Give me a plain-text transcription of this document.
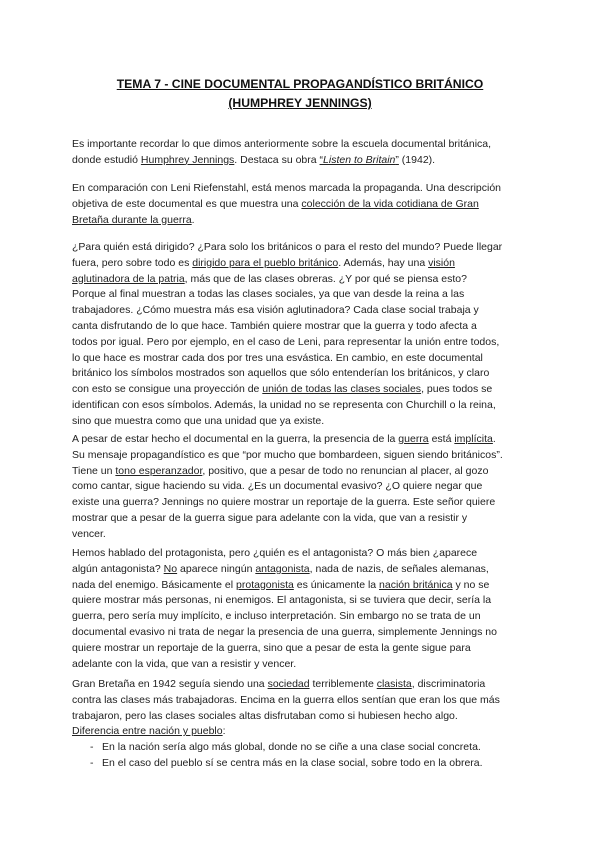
TEMA 7 - CINE DOCUMENTAL PROPAGANDÍSTICO BRITÁNICO
(HUMPHREY JENNINGS)

Es importante recordar lo que dimos anteriormente sobre la escuela documental británica,
donde estudió Humphrey Jennings. Destaca su obra “Listen to Britain” (1942).

En comparación con Leni Riefenstahl, está menos marcada la propaganda. Una descripción
objetiva de este documental es que muestra una colección de la vida cotidiana de Gran
Bretaña durante la guerra.

¿Para quién está dirigido? ¿Para solo los británicos o para el resto del mundo? Puede llegar
fuera, pero sobre todo es dirigido para el pueblo británico. Además, hay una visión
aglutinadora de la patria, más que de las clases obreras. ¿Y por qué se piensa esto?
Porque al final muestran a todas las clases sociales, ya que van desde la reina a las
trabajadores. ¿Cómo muestra más esa visión aglutinadora? Cada clase social trabaja y
canta disfrutando de lo que hace. También quiere mostrar que la guerra y todo afecta a
todos por igual. Pero por ejemplo, en el caso de Leni, para representar la unión entre todos,
lo que hace es mostrar cada dos por tres una esvástica. En cambio, en este documental
británico los símbolos mostrados son aquellos que sólo entenderían los británicos, y claro
con esto se consigue una proyección de unión de todas las clases sociales, pues todos se
identifican con esos símbolos. Además, la unidad no se representa con Churchill o la reina,
sino que muestra como que una unidad que ya existe.

A pesar de estar hecho el documental en la guerra, la presencia de la guerra está implícita.
Su mensaje propagandístico es que “por mucho que bombardeen, siguen siendo británicos”.
Tiene un tono esperanzador, positivo, que a pesar de todo no renuncian al placer, al gozo
como cantar, sigue haciendo su vida. ¿Es un documental evasivo? ¿O quiere negar que
existe una guerra? Jennings no quiere mostrar un reportaje de la guerra. Este señor quiere
mostrar que a pesar de la guerra sigue para adelante con la vida, que van a resistir y
vencer.

Hemos hablado del protagonista, pero ¿quién es el antagonista? O más bien ¿aparece
algún antagonista? No aparece ningún antagonista, nada de nazis, de señales alemanas,
nada del enemigo. Básicamente el protagonista es únicamente la nación británica y no se
quiere mostrar más personas, ni enemigos. El antagonista, si se tuviera que decir, sería la
guerra, pero sería muy implícito, e incluso interpretación. Sin embargo no se trata de un
documental evasivo ni trata de negar la presencia de una guerra, simplemente Jennings no
quiere mostrar un reportaje de la guerra, sino que a pesar de esta la gente sigue para
adelante con la vida, que van a resistir y vencer.

Gran Bretaña en 1942 seguía siendo una sociedad terriblemente clasista, discriminatoria
contra las clases más trabajadoras. Encima en la guerra ellos sentían que eran los que más
trabajaron, pero las clases sociales altas disfrutaban como si hubiesen hecho algo.
Diferencia entre nación y pueblo:

- En la nación sería algo más global, donde no se ciñe a una clase social concreta.
- En el caso del pueblo sí se centra más en la clase social, sobre todo en la obrera.
